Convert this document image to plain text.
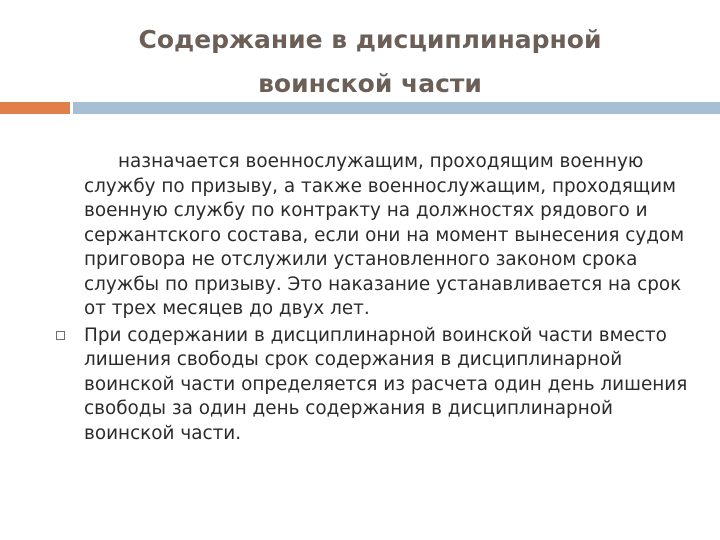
Содержание в дисциплинарной
воинской части

назначается военнослужащим, проходящим военную службу по призыву, а также военнослужащим, проходящим военную службу по контракту на должностях рядового и сержантского состава, если они на момент вынесения судом приговора не отслужили установленного законом срока службы по призыву. Это наказание устанавливается на срок от трех месяцев до двух лет.

При содержании в дисциплинарной воинской части вместо лишения свободы срок содержания в дисциплинарной воинской части определяется из расчета один день лишения свободы за один день содержания в дисциплинарной воинской части.
